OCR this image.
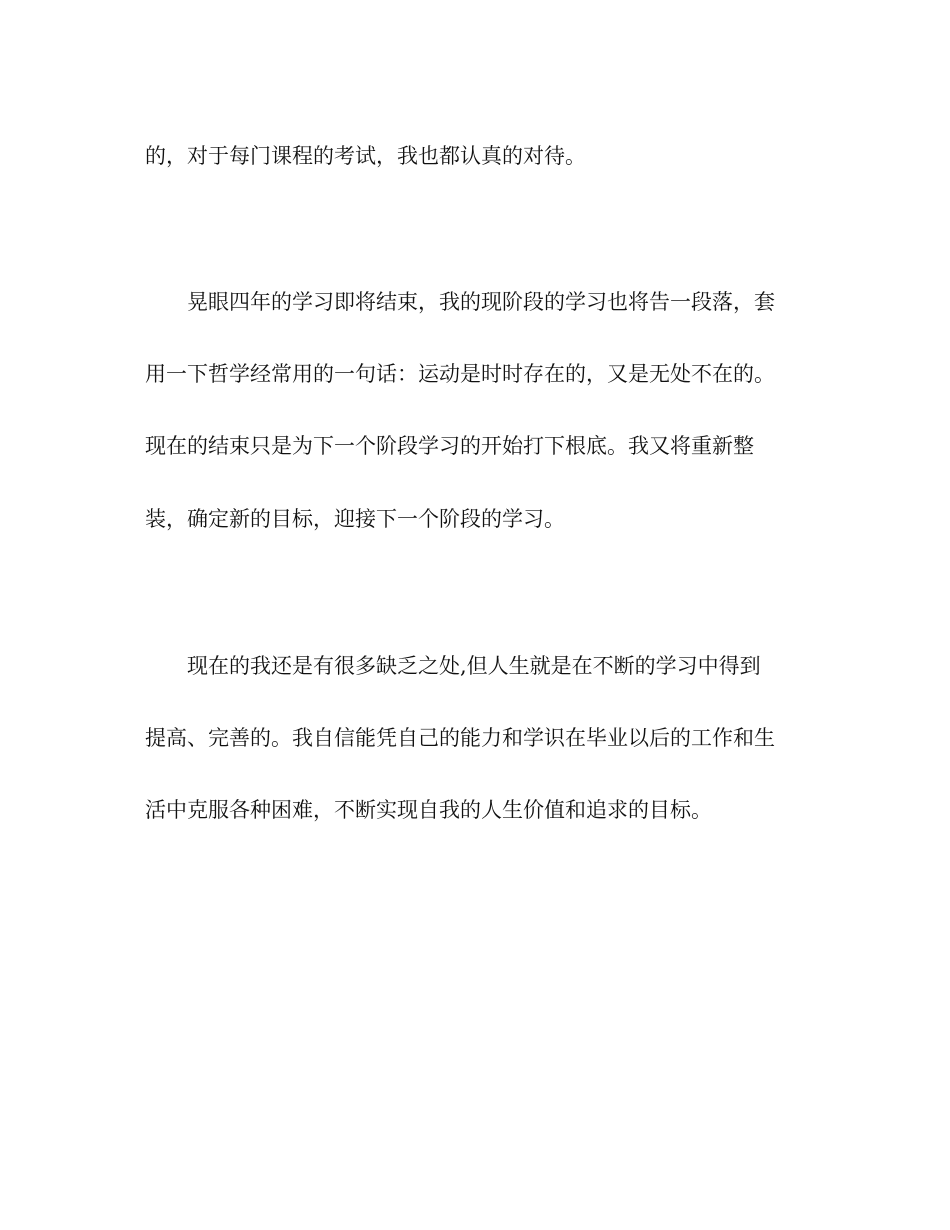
的，对于每门课程的考试，我也都认真的对待。

晃眼四年的学习即将结束，我的现阶段的学习也将告一段落，套

用一下哲学经常用的一句话：运动是时时存在的，又是无处不在的。

现在的结束只是为下一个阶段学习的开始打下根底。我又将重新整

装，确定新的目标，迎接下一个阶段的学习。

现在的我还是有很多缺乏之处,但人生就是在不断的学习中得到

提高、完善的。我自信能凭自己的能力和学识在毕业以后的工作和生

活中克服各种困难，不断实现自我的人生价值和追求的目标。
